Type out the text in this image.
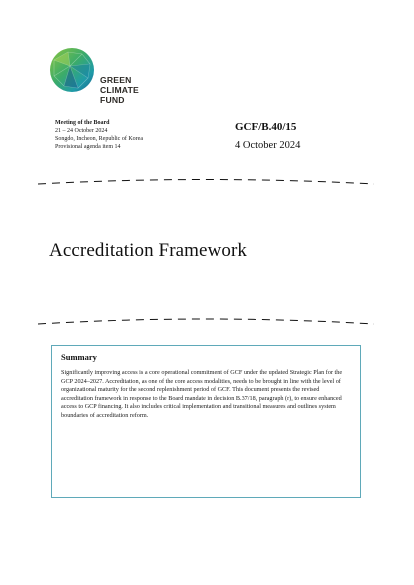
GREEN
CLIMATE
FUND
Meeting of the Board
21 – 24 October 2024
Songdo, Incheon, Republic of Korea
Provisional agenda item 14
GCF/B.40/15
4 October 2024
Accreditation Framework
Summary

Significantly improving access is a core operational commitment of GCF under the updated Strategic Plan for the GCP 2024–2027. Accreditation, as one of the core access modalities, needs to be brought in line with the level of organizational maturity for the second replenishment period of GCF. This document presents the revised accreditation framework in response to the Board mandate in decision B.37/18, paragraph (r), to ensure enhanced access to GCP financing. It also includes critical implementation and transitional measures and outlines system boundaries of accreditation reform.
